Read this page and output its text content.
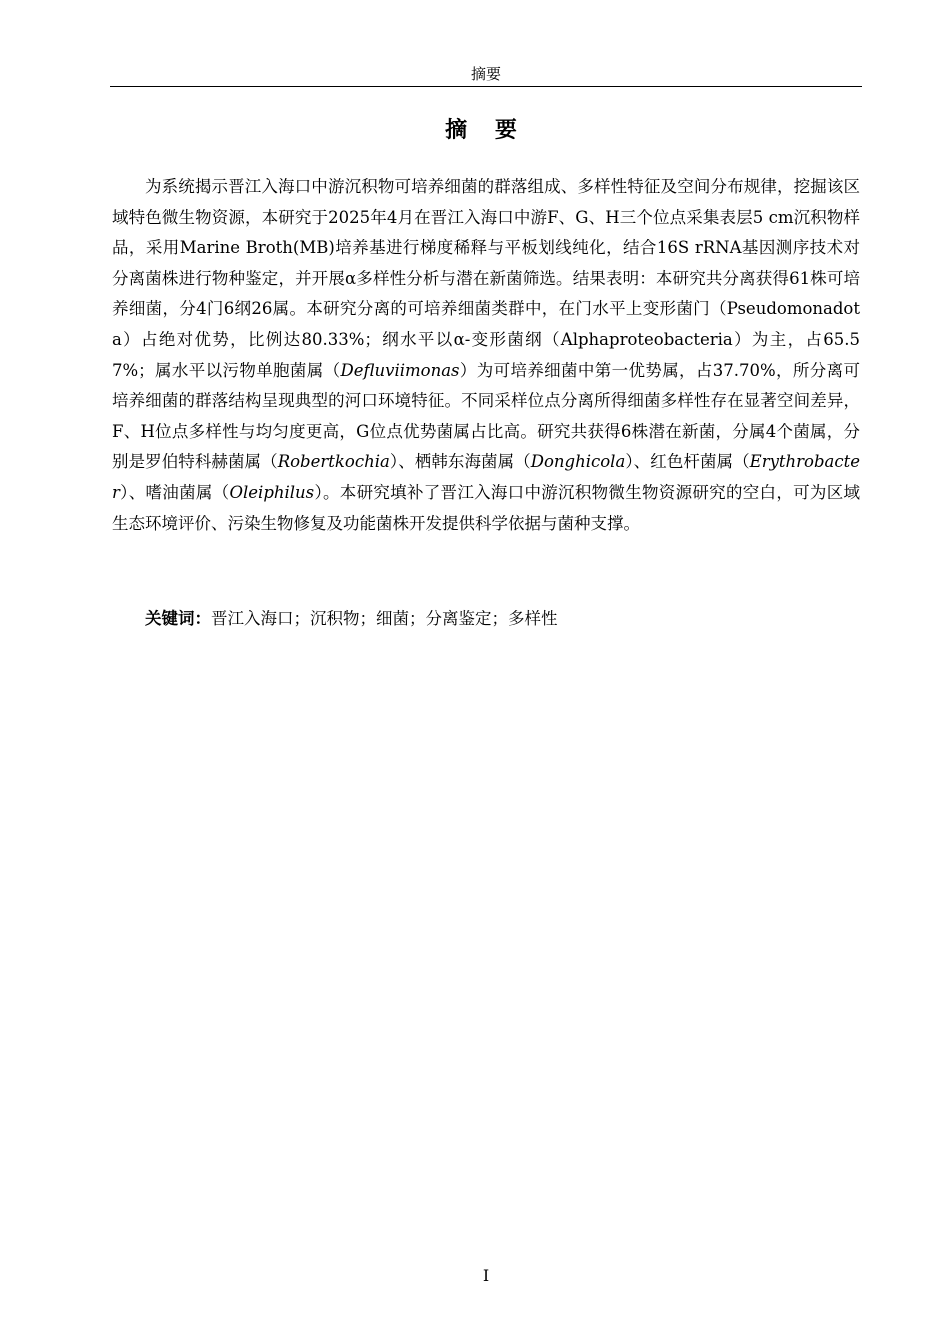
摘要
摘 要

为系统揭示晋江入海口中游沉积物可培养细菌的群落组成、多样性特征及空间分布规律，挖掘该区域特色微生物资源，本研究于2025年4月在晋江入海口中游F、G、H三个位点采集表层5 cm沉积物样品，采用Marine Broth(MB)培养基进行梯度稀释与平板划线纯化，结合16S rRNA基因测序技术对分离菌株进行物种鉴定，并开展α多样性分析与潜在新菌筛选。结果表明：本研究共分离获得61株可培养细菌，分4门6纲26属。本研究分离的可培养细菌类群中，在门水平上变形菌门（Pseudomonadota）占绝对优势，比例达80.33%；纲水平以α-变形菌纲（Alphaproteobacteria）为主，占65.57%；属水平以污物单胞菌属（Defluviimonas）为可培养细菌中第一优势属，占37.70%，所分离可培养细菌的群落结构呈现典型的河口环境特征。不同采样位点分离所得细菌多样性存在显著空间差异，F、H位点多样性与均匀度更高，G位点优势菌属占比高。研究共获得6株潜在新菌，分属4个菌属，分别是罗伯特科赫菌属（Robertkochia）、栖韩东海菌属（Donghicola）、红色杆菌属（Erythrobacter）、嗜油菌属（Oleiphilus）。本研究填补了晋江入海口中游沉积物微生物资源研究的空白，可为区域生态环境评价、污染生物修复及功能菌株开发提供科学依据与菌种支撑。

关键词：晋江入海口；沉积物；细菌；分离鉴定；多样性

I
